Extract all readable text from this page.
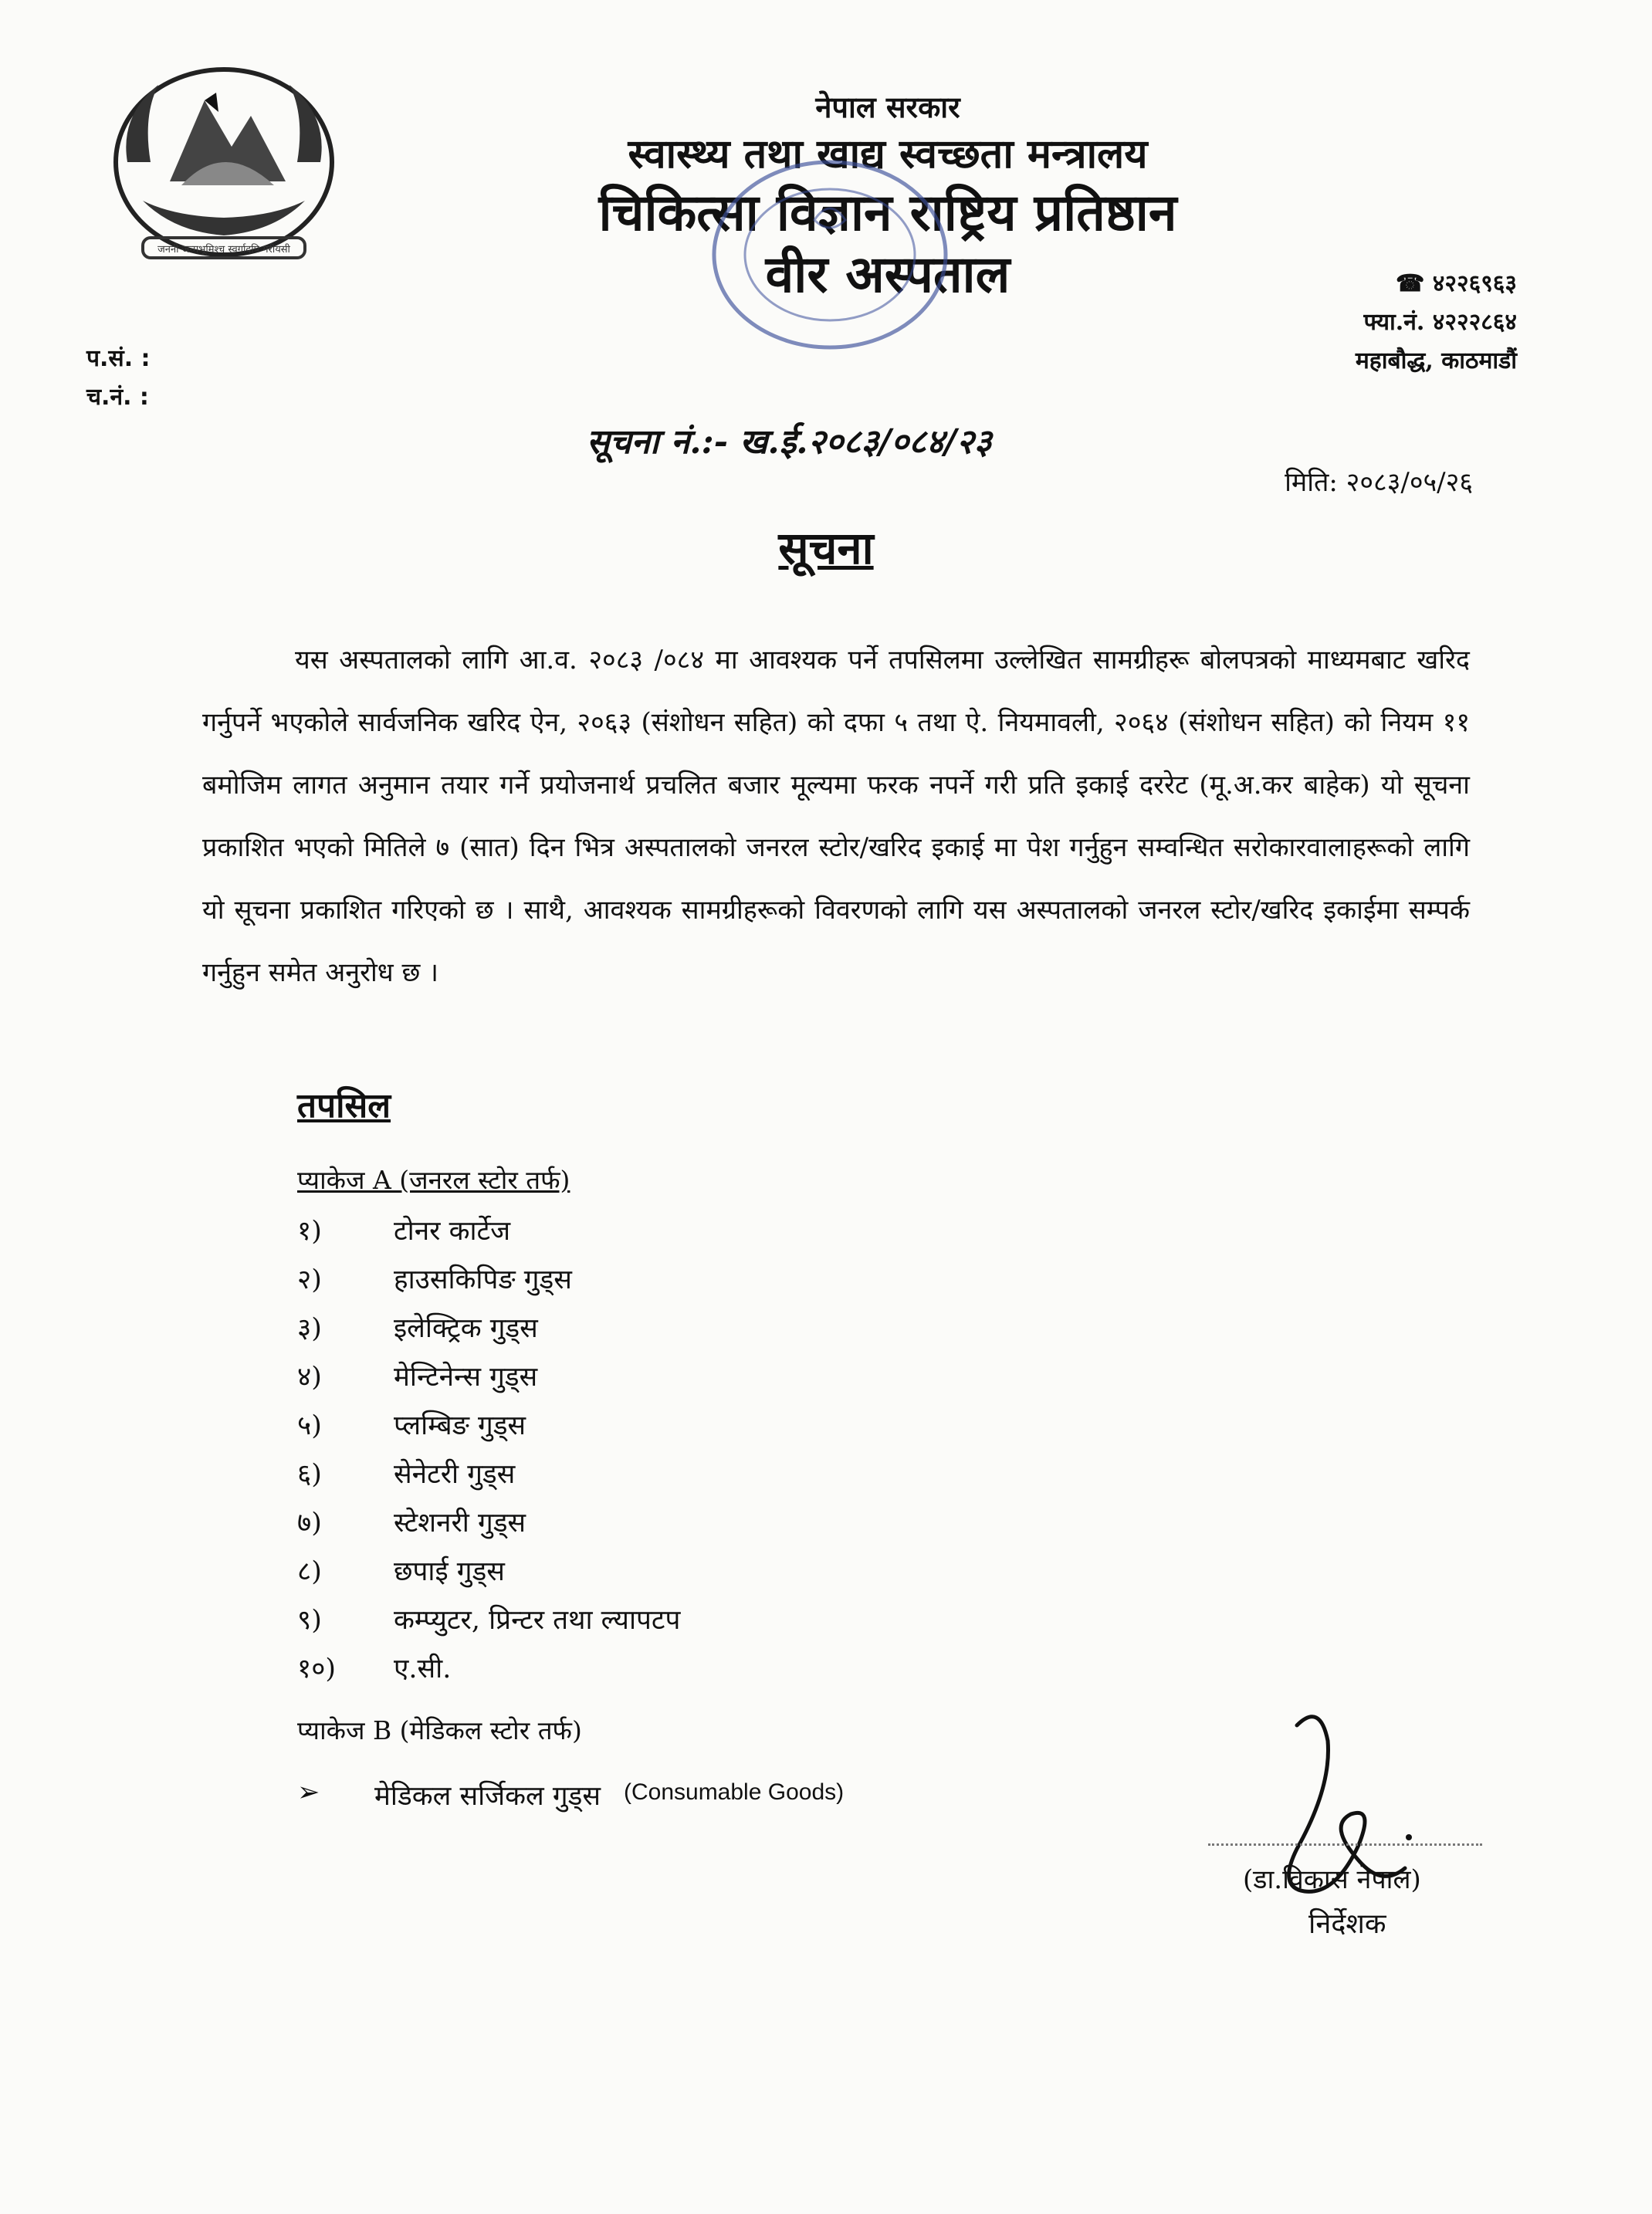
जननी जन्मभूमिश्च स्वर्गादपि गरीयसी
नेपाल सरकार
स्वास्थ्य तथा खाद्य स्वच्छता मन्त्रालय
चिकित्सा विज्ञान राष्ट्रिय प्रतिष्ठान
वीर अस्पताल	☎ ४२२६९६३
फ्या.नं. ४२२२८६४
महाबौद्ध, काठमाडौं
प.सं. :
च.नं. :
सूचना नं.:- ख.ई.२०८३/०८४/२३
मिति: २०८३/०५/२६
सूचना
यस अस्पतालको लागि आ.व. २०८३ /०८४ मा आवश्यक पर्ने तपसिलमा उल्लेखित सामग्रीहरू बोलपत्रको माध्यमबाट खरिद गर्नुपर्ने भएकोले सार्वजनिक खरिद ऐन, २०६३ (संशोधन सहित) को दफा ५ तथा ऐ. नियमावली, २०६४ (संशोधन सहित) को नियम ११ बमोजिम लागत अनुमान तयार गर्ने प्रयोजनार्थ प्रचलित बजार मूल्यमा फरक नपर्ने गरी प्रति इकाई दररेट (मू.अ.कर बाहेक) यो सूचना प्रकाशित भएको मितिले ७ (सात) दिन भित्र अस्पतालको जनरल स्टोर/खरिद इकाई मा पेश गर्नुहुन सम्वन्धित सरोकारवालाहरूको लागि यो सूचना प्रकाशित गरिएको छ । साथै, आवश्यक सामग्रीहरूको विवरणको लागि यस अस्पतालको जनरल स्टोर/खरिद इकाईमा सम्पर्क गर्नुहुन समेत अनुरोध छ ।
तपसिल
प्याकेज A (जनरल स्टोर तर्फ)
१)	टोनर कार्टेज
२)	हाउसकिपिङ गुड्स
३)	इलेक्ट्रिक गुड्स
४)	मेन्टिनेन्स गुड्स
५)	प्लम्बिङ गुड्स
६)	सेनेटरी गुड्स
७)	स्टेशनरी गुड्स
८)	छपाई गुड्स
९)	कम्प्युटर, प्रिन्टर तथा ल्यापटप
१०)	ए.सी.
प्याकेज B (मेडिकल स्टोर तर्फ)
➢	मेडिकल सर्जिकल गुड्स (Consumable Goods)
(डा.विकास नेपाल)
निर्देशक
